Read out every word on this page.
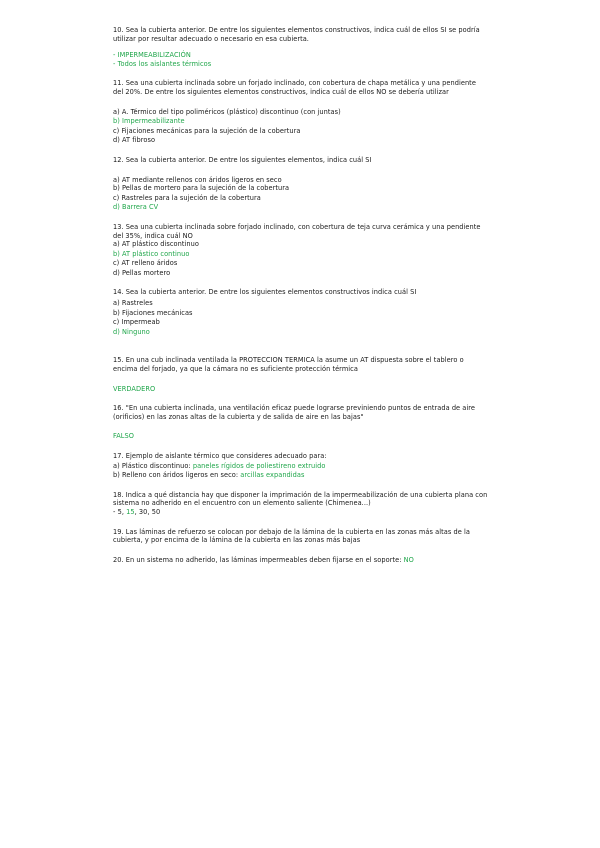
10. Sea la cubierta anterior. De entre los siguientes elementos constructivos, indica cuál de ellos SI se podría utilizar por resultar adecuado o necesario en esa cubierta.
- IMPERMEABILIZACIÓN
- Todos los aislantes térmicos
11. Sea una cubierta inclinada sobre un forjado inclinado, con cobertura de chapa metálica y una pendiente del 20%. De entre los siguientes elementos constructivos, indica cuál de ellos NO se debería utilizar
a) A. Térmico del tipo poliméricos (plástico) discontinuo (con juntas)
b) Impermeabilizante
c) Fijaciones mecánicas para la sujeción de la cobertura
d) AT fibroso
12. Sea la cubierta anterior. De entre los siguientes elementos, indica cuál SI
a) AT mediante rellenos con áridos ligeros en seco
b) Pellas de mortero para la sujeción de la cobertura
c) Rastreles para la sujeción de la cobertura
d) Barrera CV
13. Sea una cubierta inclinada sobre forjado inclinado, con cobertura de teja curva cerámica y una pendiente del 35%, indica cuál NO
a) AT plástico discontinuo
b) AT plástico continuo
c) AT relleno áridos
d) Pellas mortero
14. Sea la cubierta anterior. De entre los siguientes elementos constructivos indica cuál SI
a) Rastreles
b) Fijaciones mecánicas
c) Impermeab
d) Ninguno
15. En una cub inclinada ventilada la PROTECCION TERMICA la asume un AT dispuesta sobre el tablero o encima del forjado, ya que la cámara no es suficiente protección térmica
VERDADERO
16. "En una cubierta inclinada, una ventilación eficaz puede lograrse previniendo puntos de entrada de aire (orificios) en las zonas altas de la cubierta y de salida de aire en las bajas"
FALSO
17. Ejemplo de aislante térmico que consideres adecuado para:
a) Plástico discontinuo: paneles rígidos de poliestireno extruido
b) Relleno con áridos ligeros en seco: arcillas expandidas
18. Indica a qué distancia hay que disponer la imprimación de la impermeabilización de una cubierta plana con sistema no adherido en el encuentro con un elemento saliente (Chimenea...)
- 5, 15, 30, 50
19. Las láminas de refuerzo se colocan por debajo de la lámina de la cubierta en las zonas más altas de la cubierta, y por encima de la lámina de la cubierta en las zonas más bajas
20. En un sistema no adherido, las láminas impermeables deben fijarse en el soporte: NO
